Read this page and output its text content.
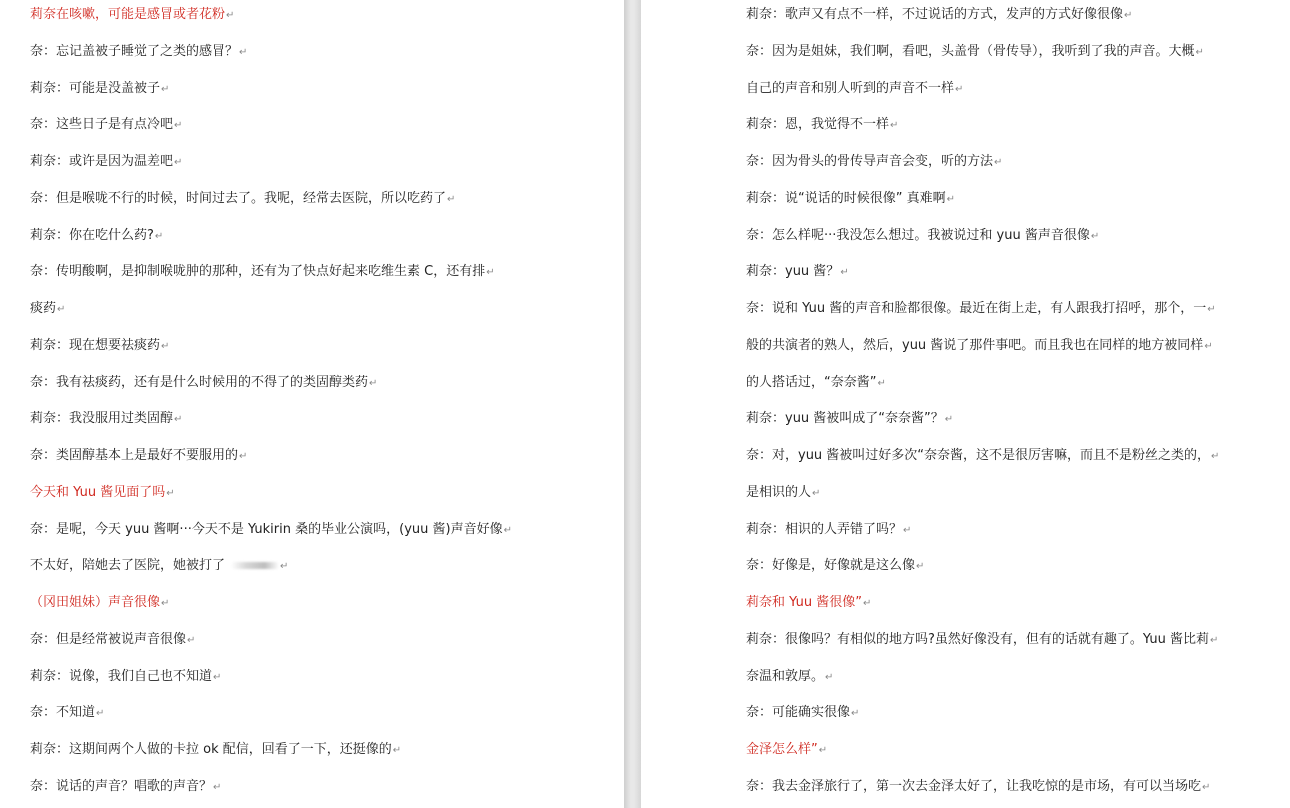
莉奈在咳嗽，可能是感冒或者花粉↵
奈：忘记盖被子睡觉了之类的感冒？↵
莉奈：可能是没盖被子↵
奈：这些日子是有点冷吧↵
莉奈：或许是因为温差吧↵
奈：但是喉咙不行的时候，时间过去了。我呢，经常去医院，所以吃药了↵
莉奈：你在吃什么药?↵
奈：传明酸啊，是抑制喉咙肿的那种，还有为了快点好起来吃维生素 C，还有排↵
痰药↵
莉奈：现在想要祛痰药↵
奈：我有祛痰药，还有是什么时候用的不得了的类固醇类药↵
莉奈：我没服用过类固醇↵
奈：类固醇基本上是最好不要服用的↵
今天和 Yuu 酱见面了吗↵
奈：是呢，今天 yuu 酱啊···今天不是 Yukirin 桑的毕业公演吗，(yuu 酱)声音好像↵
不太好，陪她去了医院，她被打了	↵
（冈田姐妹）声音很像↵
奈：但是经常被说声音很像↵
莉奈：说像，我们自己也不知道↵
奈：不知道↵
莉奈：这期间两个人做的卡拉 ok 配信，回看了一下，还挺像的↵
奈：说话的声音？唱歌的声音？↵
莉奈：歌声又有点不一样，不过说话的方式，发声的方式好像很像↵
奈：因为是姐妹，我们啊，看吧，头盖骨（骨传导），我听到了我的声音。大概↵
自己的声音和别人听到的声音不一样↵
莉奈：恩，我觉得不一样↵
奈：因为骨头的骨传导声音会变，听的方法↵
莉奈：说“说话的时候很像” 真难啊↵
奈：怎么样呢···我没怎么想过。我被说过和 yuu 酱声音很像↵
莉奈：yuu 酱？↵
奈：说和 Yuu 酱的声音和脸都很像。最近在街上走，有人跟我打招呼，那个，一↵
般的共演者的熟人，然后，yuu 酱说了那件事吧。而且我也在同样的地方被同样↵
的人搭话过，“奈奈酱”↵
莉奈：yuu 酱被叫成了“奈奈酱”？↵
奈：对，yuu 酱被叫过好多次“奈奈酱，这不是很厉害嘛，而且不是粉丝之类的，↵
是相识的人↵
莉奈：相识的人弄错了吗？↵
奈：好像是，好像就是这么像↵
莉奈和 Yuu 酱很像”↵
莉奈：很像吗？有相似的地方吗?虽然好像没有，但有的话就有趣了。Yuu 酱比莉↵
奈温和敦厚。↵
奈：可能确实很像↵
金泽怎么样”↵
奈：我去金泽旅行了，第一次去金泽太好了，让我吃惊的是市场，有可以当场吃↵
